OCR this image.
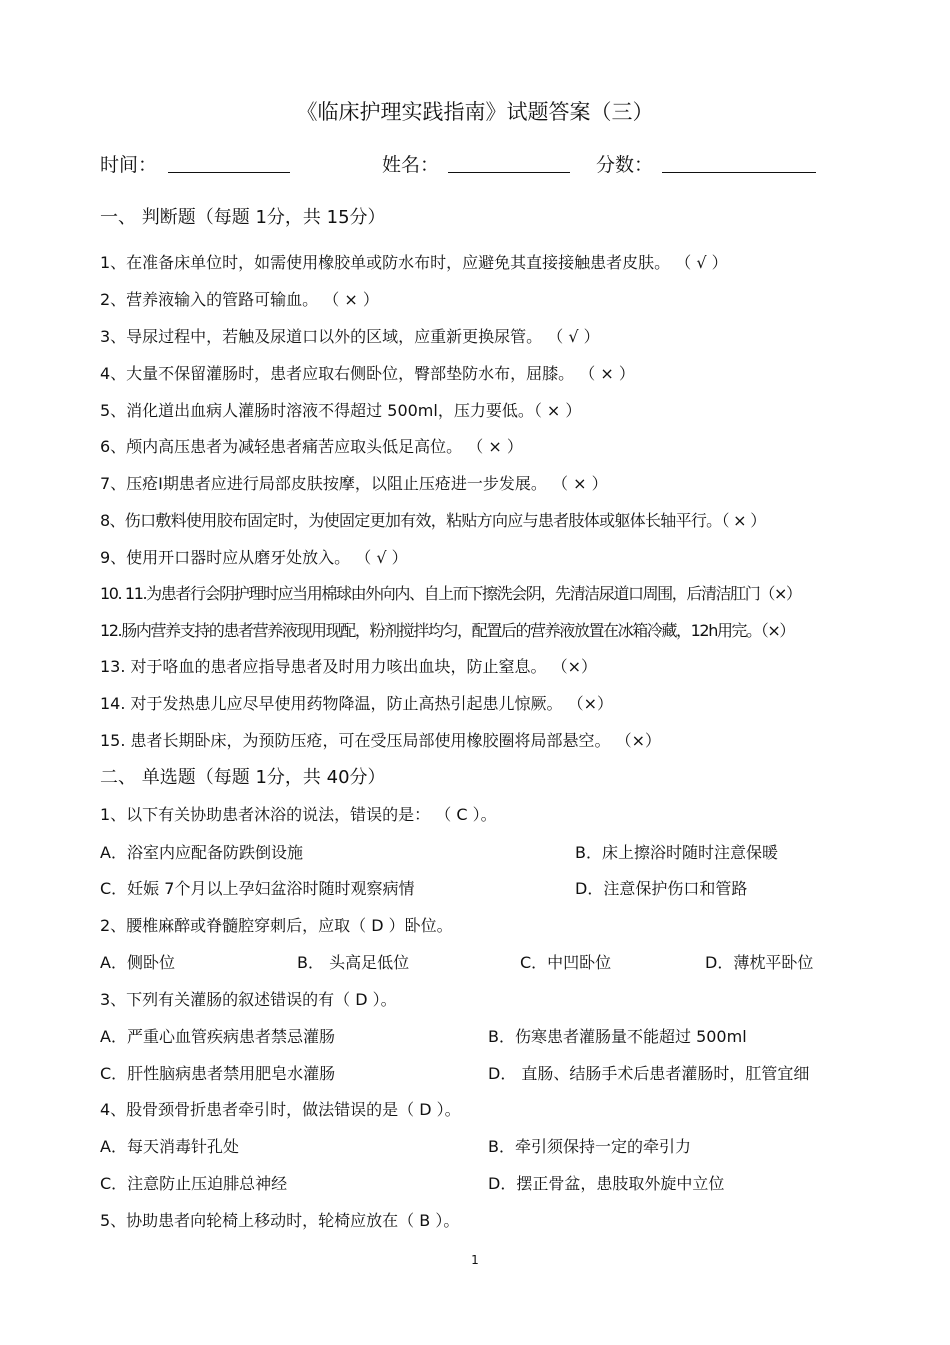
《临床护理实践指南》试题答案（三）
时间：	姓名：	分数：
一、 判断题（每题 1分，共 15分）
1、在准备床单位时，如需使用橡胶单或防水布时，应避免其直接接触患者皮肤。 （ √ ）
2、营养液输入的管路可输血。 （ × ）
3、导尿过程中，若触及尿道口以外的区域，应重新更换尿管。 （ √ ）
4、大量不保留灌肠时，患者应取右侧卧位，臀部垫防水布，屈膝。 （ × ）
5、消化道出血病人灌肠时溶液不得超过 500ml，压力要低。（ × ）
6、颅内高压患者为减轻患者痛苦应取头低足高位。 （ × ）
7、压疮Ⅰ期患者应进行局部皮肤按摩，以阻止压疮进一步发展。 （ × ）
8、伤口敷料使用胶布固定时，为使固定更加有效，粘贴方向应与患者肢体或躯体长轴平行。（ × ）
9、使用开口器时应从磨牙处放入。 （ √ ）
10. 11.为患者行会阴护理时应当用棉球由外向内、自上而下擦洗会阴，先清洁尿道口周围，后清洁肛门（×）
12.肠内营养支持的患者营养液现用现配，粉剂搅拌均匀，配置后的营养液放置在冰箱冷藏，12h用完。（×）
13. 对于咯血的患者应指导患者及时用力咳出血块，防止窒息。 （×）
14. 对于发热患儿应尽早使用药物降温，防止高热引起患儿惊厥。 （×）
15. 患者长期卧床，为预防压疮，可在受压局部使用橡胶圈将局部悬空。 （×）
二、 单选题（每题 1分，共 40分）
1、以下有关协助患者沐浴的说法，错误的是： （ C ）。
A．浴室内应配备防跌倒设施	B．床上擦浴时随时注意保暖
C．妊娠 7个月以上孕妇盆浴时随时观察病情	D．注意保护伤口和管路
2、腰椎麻醉或脊髓腔穿刺后，应取（ D ）卧位。
A．侧卧位	B． 头高足低位	C．中凹卧位	D．薄枕平卧位
3、下列有关灌肠的叙述错误的有（ D ）。
A．严重心血管疾病患者禁忌灌肠	B．伤寒患者灌肠量不能超过 500ml
C．肝性脑病患者禁用肥皂水灌肠	D． 直肠、结肠手术后患者灌肠时，肛管宜细
4、股骨颈骨折患者牵引时，做法错误的是（ D ）。
A．每天消毒针孔处	B．牵引须保持一定的牵引力
C．注意防止压迫腓总神经	D．摆正骨盆，患肢取外旋中立位
5、协助患者向轮椅上移动时，轮椅应放在（ B ）。
1
